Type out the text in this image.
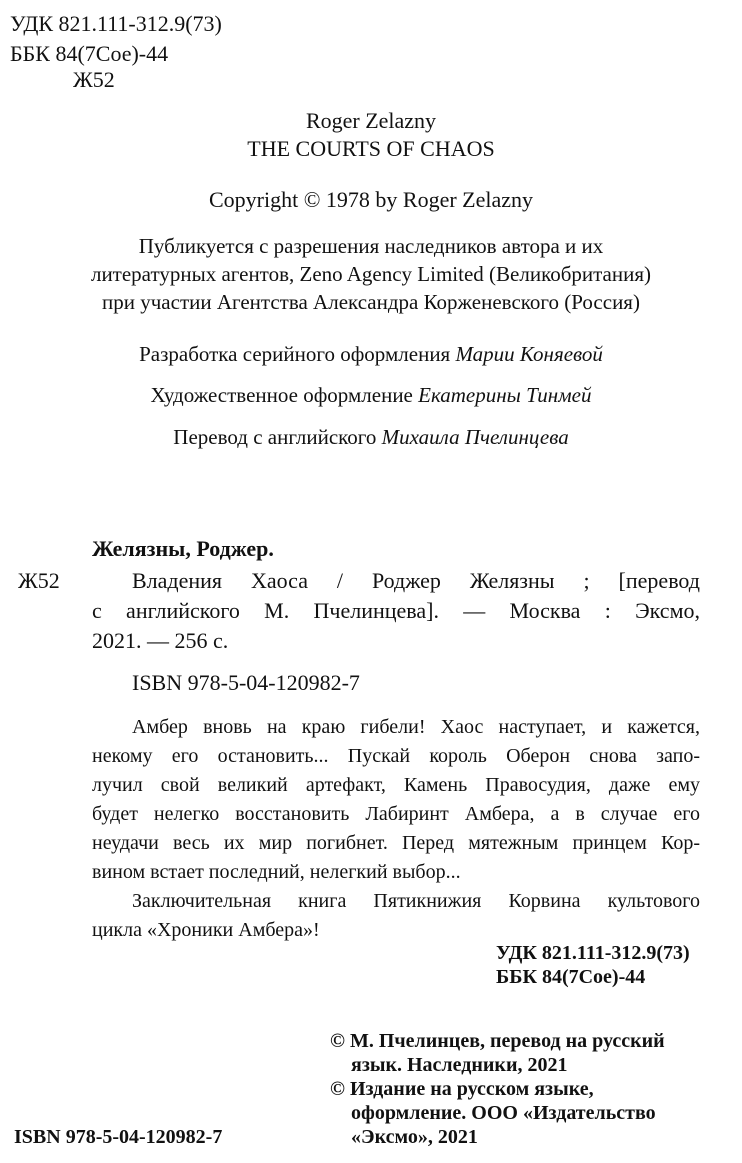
УДК 821.111-312.9(73)
ББК 84(7Сое)-44
Ж52
Roger Zelazny
THE COURTS OF CHAOS
Copyright © 1978 by Roger Zelazny
Публикуется с разрешения наследников автора и их
литературных агентов, Zeno Agency Limited (Великобритания)
при участии Агентства Александра Корженевского (Россия)
Разработка серийного оформления Марии Коняевой
Художественное оформление Екатерины Тинмей
Перевод с английского Михаила Пчелинцева
Желязны, Роджер.
Ж52	Владения Хаоса / Роджер Желязны ; [перевод
с английского М. Пчелинцева]. — Москва : Эксмо,
2021. — 256 с.
ISBN 978-5-04-120982-7
Амбер вновь на краю гибели! Хаос наступает, и кажется,
некому его остановить... Пускай король Оберон снова запо-
лучил свой великий артефакт, Камень Правосудия, даже ему
будет нелегко восстановить Лабиринт Амбера, а в случае его
неудачи весь их мир погибнет. Перед мятежным принцем Кор-
вином встает последний, нелегкий выбор...
Заключительная книга Пятикнижия Корвина культового
цикла «Хроники Амбера»!
УДК 821.111-312.9(73)
ББК 84(7Сое)-44
© М. Пчелинцев, перевод на русский
язык. Наследники, 2021
© Издание на русском языке,
оформление. ООО «Издательство
ISBN 978-5-04-120982-7	«Эксмо», 2021
